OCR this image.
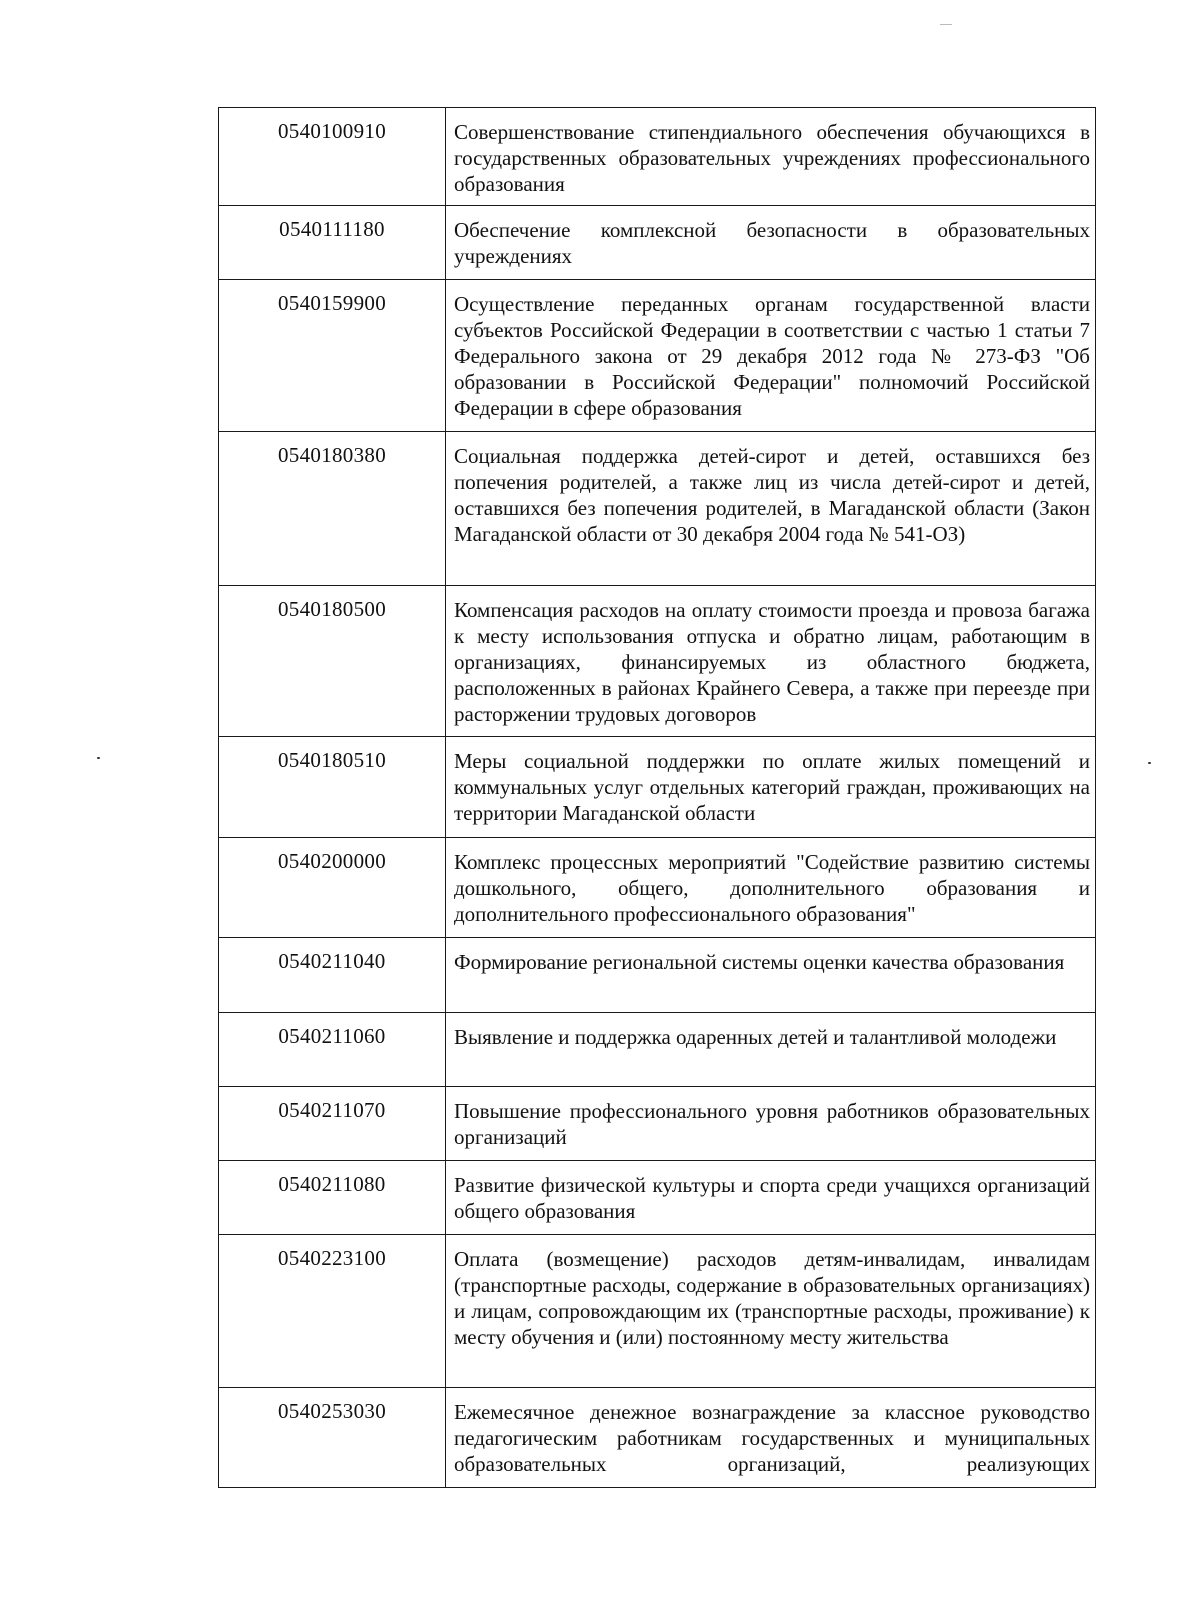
0540100910	Совершенствование стипендиального обеспечения обучающихся в государственных образовательных учреждениях профессионального образования
0540111180	Обеспечение комплексной безопасности в образовательных учреждениях
0540159900	Осуществление переданных органам государственной власти субъектов Российской Федерации в соответствии с частью 1 статьи 7 Федерального закона от 29 декабря 2012 года № 273-ФЗ "Об образовании в Российской Федерации" полномочий Российской Федерации в сфере образования
0540180380	Социальная поддержка детей-сирот и детей, оставшихся без попечения родителей, а также лиц из числа детей-сирот и детей, оставшихся без попечения родителей, в Магаданской области (Закон Магаданской области от 30 декабря 2004 года № 541-ОЗ)
0540180500	Компенсация расходов на оплату стоимости проезда и провоза багажа к месту использования отпуска и обратно лицам, работающим в организациях, финансируемых из областного бюджета, расположенных в районах Крайнего Севера, а также при переезде при расторжении трудовых договоров
0540180510	Меры социальной поддержки по оплате жилых помещений и коммунальных услуг отдельных категорий граждан, проживающих на территории Магаданской области
0540200000	Комплекс процессных мероприятий "Содействие развитию системы дошкольного, общего, дополнительного образования и дополнительного профессионального образования"
0540211040	Формирование региональной системы оценки качества образования
0540211060	Выявление и поддержка одаренных детей и талантливой молодежи
0540211070	Повышение профессионального уровня работников образовательных организаций
0540211080	Развитие физической культуры и спорта среди учащихся организаций общего образования
0540223100	Оплата (возмещение) расходов детям-инвалидам, инвалидам (транспортные расходы, содержание в образовательных организациях) и лицам, сопровождающим их (транспортные расходы, проживание) к месту обучения и (или) постоянному месту жительства
0540253030	Ежемесячное денежное вознаграждение за классное руководство педагогическим работникам государственных и муниципальных образовательных организаций, реализующих
